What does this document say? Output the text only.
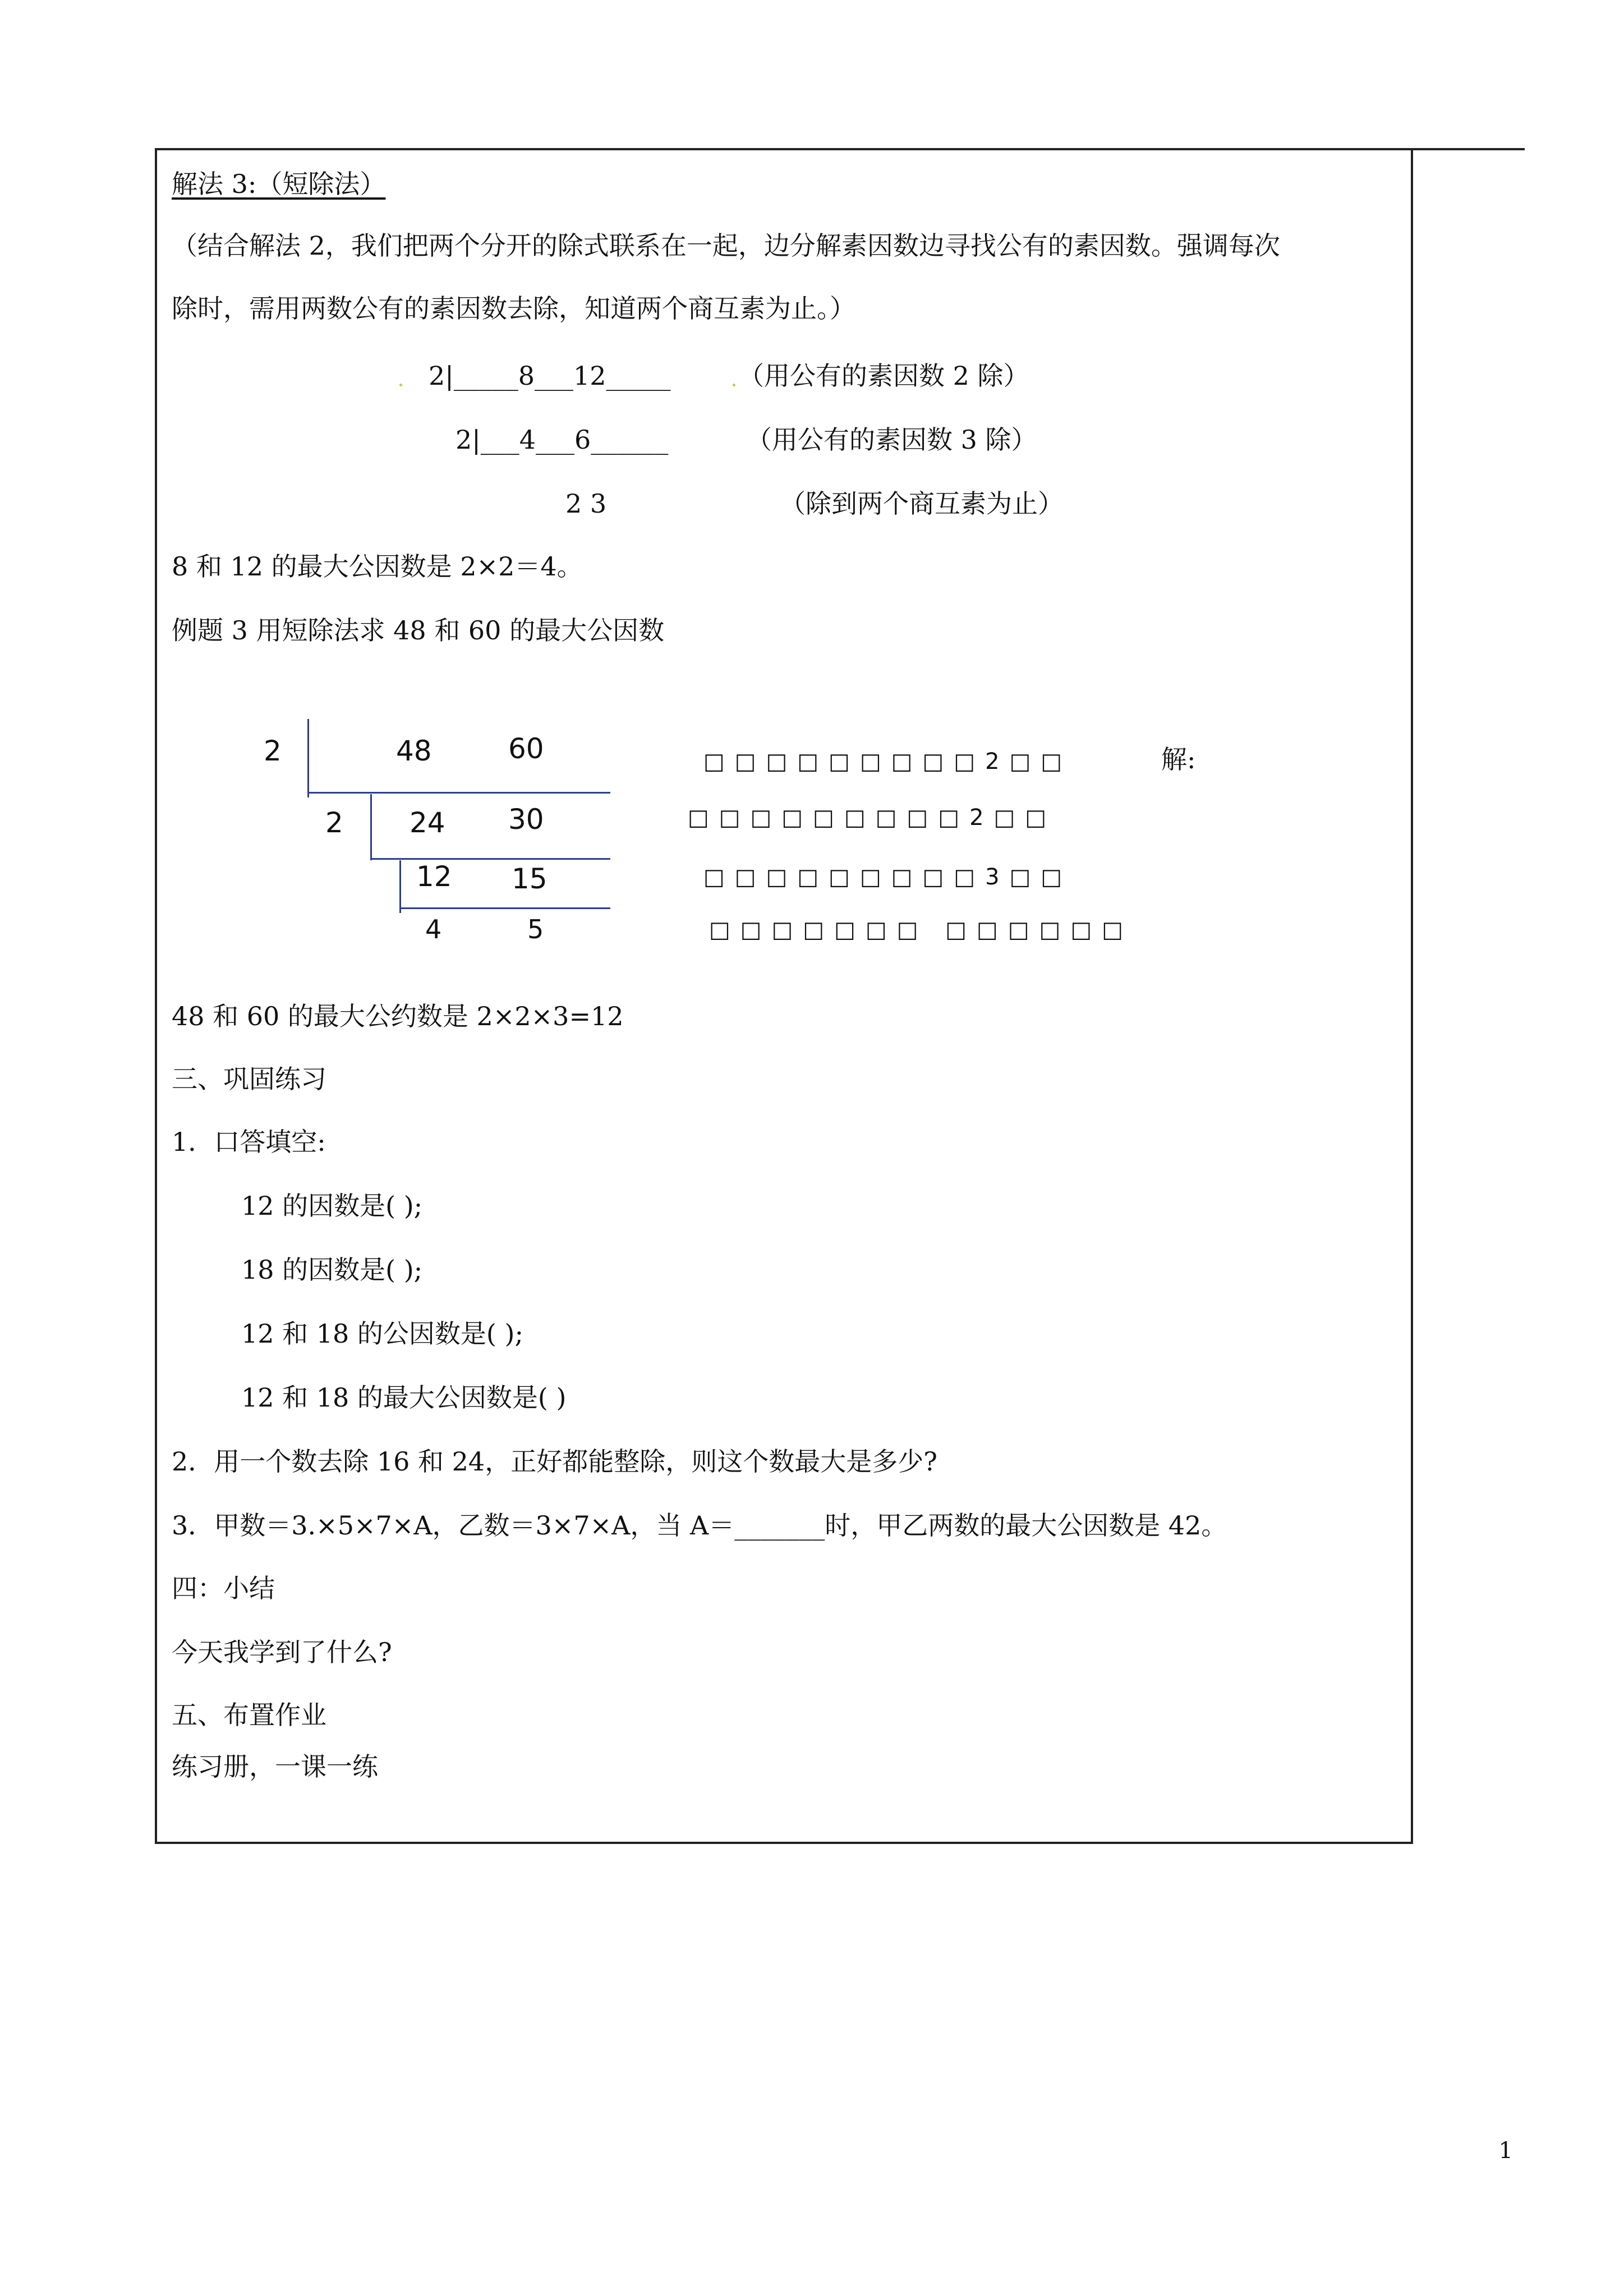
解法 3:（短除法）
（结合解法 2，我们把两个分开的除式联系在一起，边分解素因数边寻找公有的素因数。强调每次
除时，需用两数公有的素因数去除，知道两个商互素为止。）
2|_____8___12_____	（用公有的素因数 2 除）
2|___4___6______	（用公有的素因数 3 除）
2 3	（除到两个商互素为止）
8 和 12 的最大公因数是 2×2＝4。
例题 3 用短除法求 48 和 60 的最大公因数
2	48	60
2 24 30
12 15
4	5
□□□□□□□□□2□□	解:
□□□□□□□□□2□□
□□□□□□□□□3□□
□□□□□□□ □□□□□□
48 和 60 的最大公约数是 2×2×3=12
三、巩固练习
1．口答填空:
12 的因数是( );
18 的因数是( );
12 和 18 的公因数是( );
12 和 18 的最大公因数是( )
2．用一个数去除 16 和 24，正好都能整除，则这个数最大是多少?
3．甲数＝3.×5×7×A，乙数＝3×7×A，当 A＝_______时，甲乙两数的最大公因数是 42。
四：小结
今天我学到了什么?
五、布置作业
练习册，一课一练
1
